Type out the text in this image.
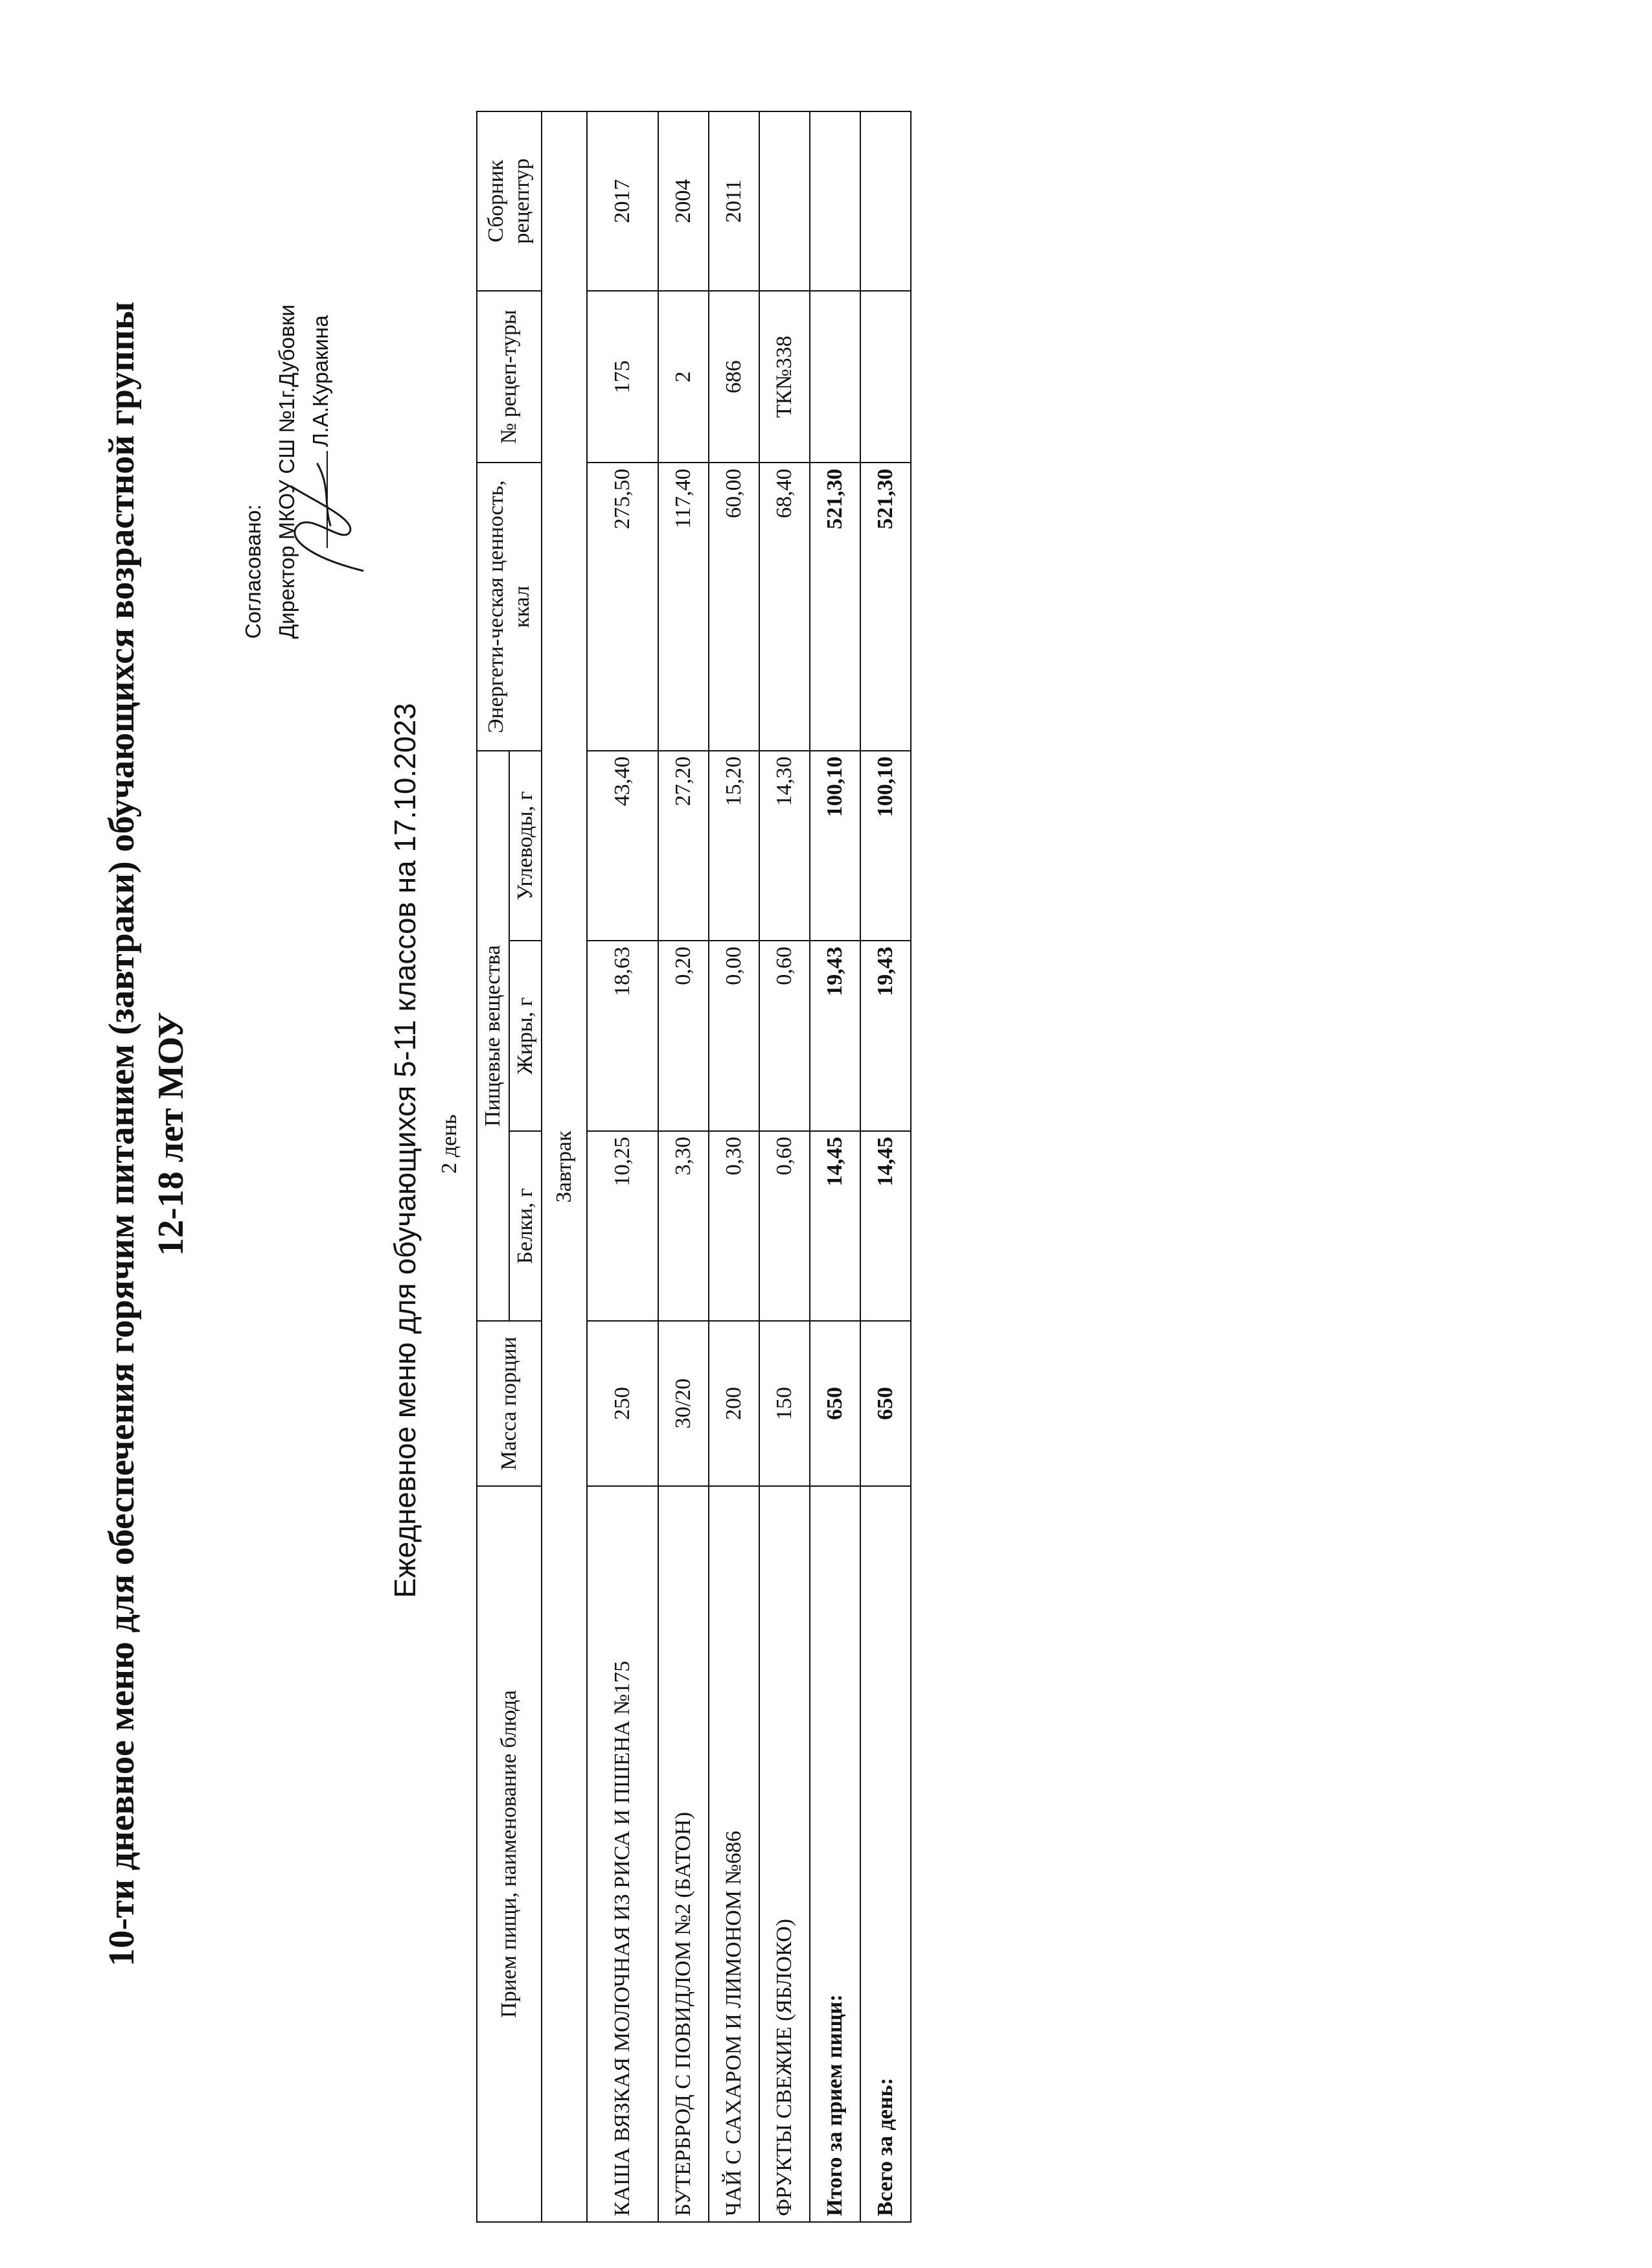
10-ти дневное меню для обеспечения горячим питанием (завтраки) обучающихся возрастной группы 12-18 лет МОУ
Согласовано: Директор МКОУ СШ №1г.Дубовки Л.А.Куракина
Ежедневное меню для обучающихся 5-11 классов на 17.10.2023 2 день
Прием пищи, наименование блюда	Масса порции	Пищевые вещества			Энергети-ческая ценность, ккал	№ рецеп-туры	Сборник рецептур
		Белки, г	Жиры, г	Углеводы, г			
Завтрак							
КАША ВЯЗКАЯ МОЛОЧНАЯ ИЗ РИСА И ПШЕНА №175	250	10,25	18,63	43,40	275,50	175	2017
БУТЕРБРОД С ПОВИДЛОМ №2 (БАТОН)	30/20	3,30	0,20	27,20	117,40	2	2004
ЧАЙ С САХАРОМ И ЛИМОНОМ №686	200	0,30	0,00	15,20	60,00	686	2011
ФРУКТЫ СВЕЖИЕ (ЯБЛОКО)	150	0,60	0,60	14,30	68,40	ТК№338	
Итого за прием пищи:	650	14,45	19,43	100,10	521,30		
Всего за день:	650	14,45	19,43	100,10	521,30		
